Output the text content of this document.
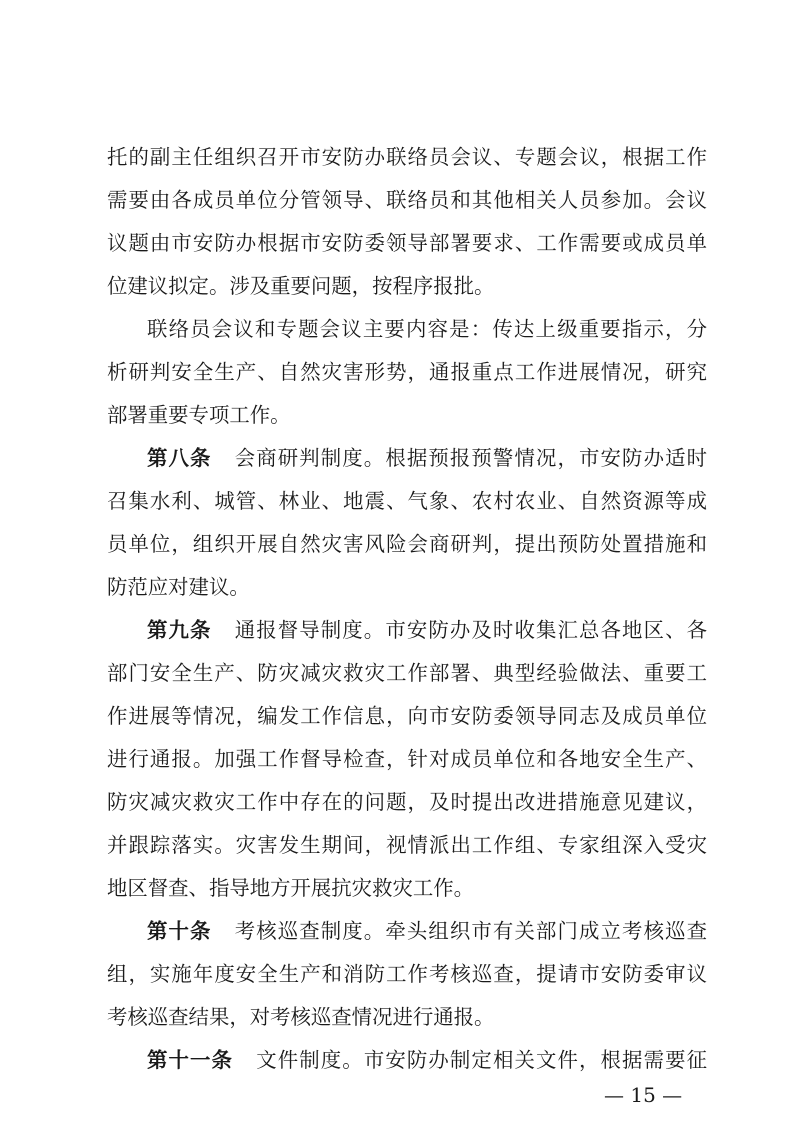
托的副主任组织召开市安防办联络员会议、专题会议，根据工作
需要由各成员单位分管领导、联络员和其他相关人员参加。会议
议题由市安防办根据市安防委领导部署要求、工作需要或成员单
位建议拟定。涉及重要问题，按程序报批。
联络员会议和专题会议主要内容是：传达上级重要指示，分
析研判安全生产、自然灾害形势，通报重点工作进展情况，研究
部署重要专项工作。
第八条 会商研判制度。根据预报预警情况，市安防办适时
召集水利、城管、林业、地震、气象、农村农业、自然资源等成
员单位，组织开展自然灾害风险会商研判，提出预防处置措施和
防范应对建议。
第九条 通报督导制度。市安防办及时收集汇总各地区、各
部门安全生产、防灾减灾救灾工作部署、典型经验做法、重要工
作进展等情况，编发工作信息，向市安防委领导同志及成员单位
进行通报。加强工作督导检查，针对成员单位和各地安全生产、
防灾减灾救灾工作中存在的问题，及时提出改进措施意见建议，
并跟踪落实。灾害发生期间，视情派出工作组、专家组深入受灾
地区督查、指导地方开展抗灾救灾工作。
第十条 考核巡查制度。牵头组织市有关部门成立考核巡查
组，实施年度安全生产和消防工作考核巡查，提请市安防委审议
考核巡查结果，对考核巡查情况进行通报。
第十一条 文件制度。市安防办制定相关文件，根据需要征
— 15 —
